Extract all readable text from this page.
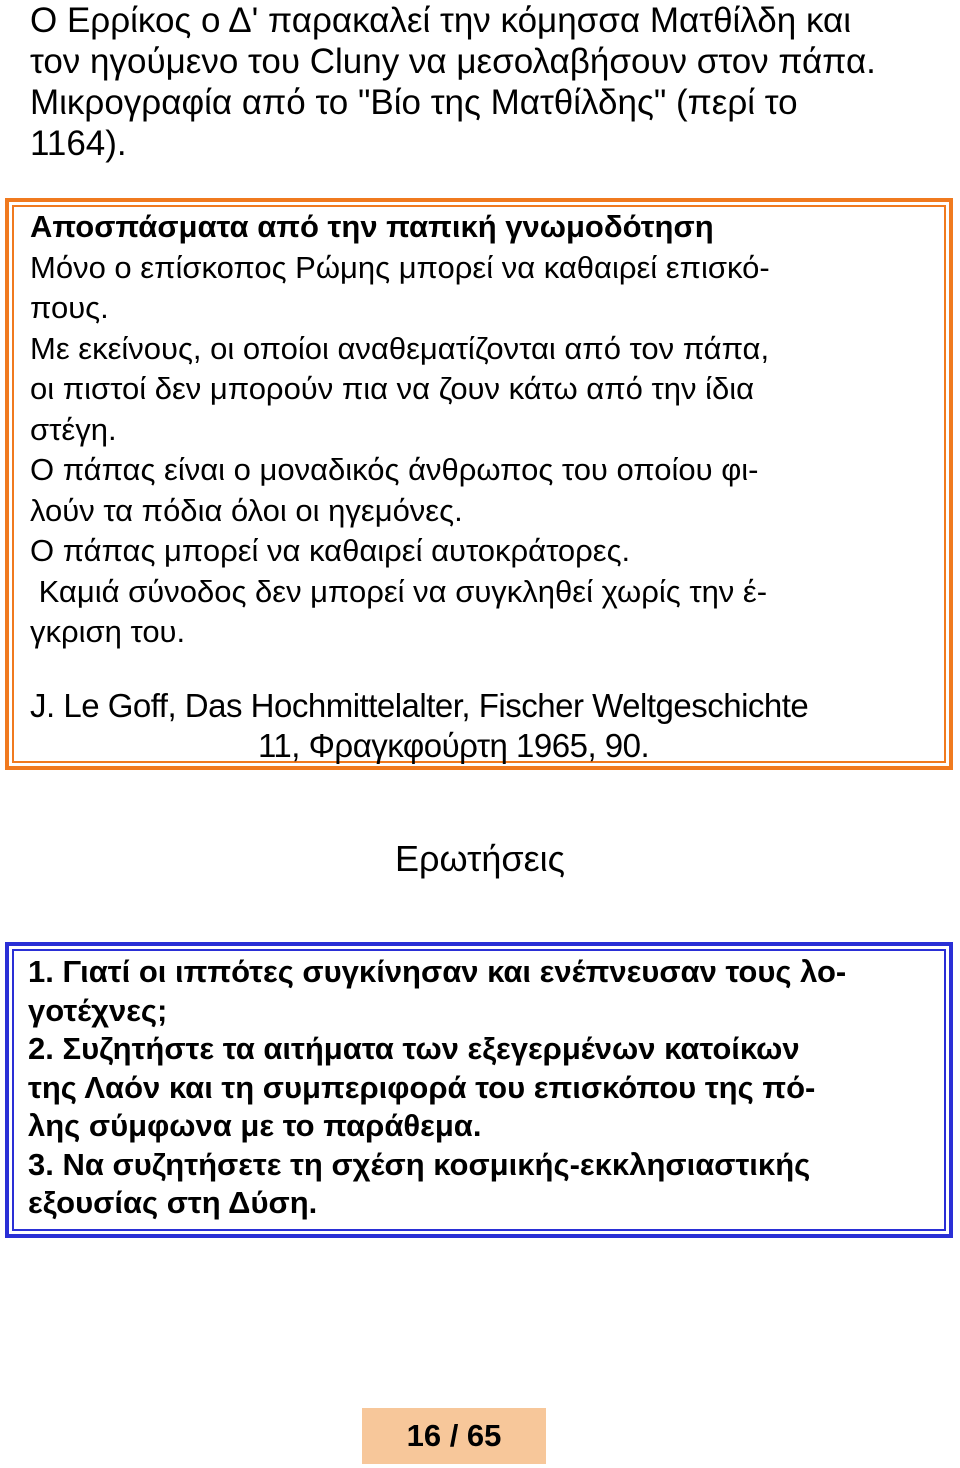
Ο Ερρίκος ο Δ' παρακαλεί την κόμησσα Ματθίλδη και
τον ηγούμενο του Cluny να μεσολαβήσουν στον πάπα.
Μικρογραφία από το "Βίο της Ματθίλδης" (περί το
1164).
Αποσπάσματα από την παπική γνωμοδότηση
Μόνο ο επίσκοπος Ρώμης μπορεί να καθαιρεί επισκό-
πους.
Με εκείνους, οι οποίοι αναθεματίζονται από τον πάπα,
οι πιστοί δεν μπορούν πια να ζουν κάτω από την ίδια
στέγη.
Ο πάπας είναι ο μοναδικός άνθρωπος του οποίου φι-
λούν τα πόδια όλοι οι ηγεμόνες.
Ο πάπας μπορεί να καθαιρεί αυτοκράτορες.
Καμιά σύνοδος δεν μπορεί να συγκληθεί χωρίς την έ-
γκριση του.
J. Le Goff, Das Hochmittelalter, Fischer Weltgeschichte
11, Φραγκφούρτη 1965, 90.
Ερωτήσεις
1. Γιατί οι ιππότες συγκίνησαν και ενέπνευσαν τους λο-
γοτέχνες;
2. Συζητήστε τα αιτήματα των εξεγερμένων κατοίκων
της Λαόν και τη συμπεριφορά του επισκόπου της πό-
λης σύμφωνα με το παράθεμα.
3. Να συζητήσετε τη σχέση κοσμικής-εκκλησιαστικής
εξουσίας στη Δύση.
16 / 65
